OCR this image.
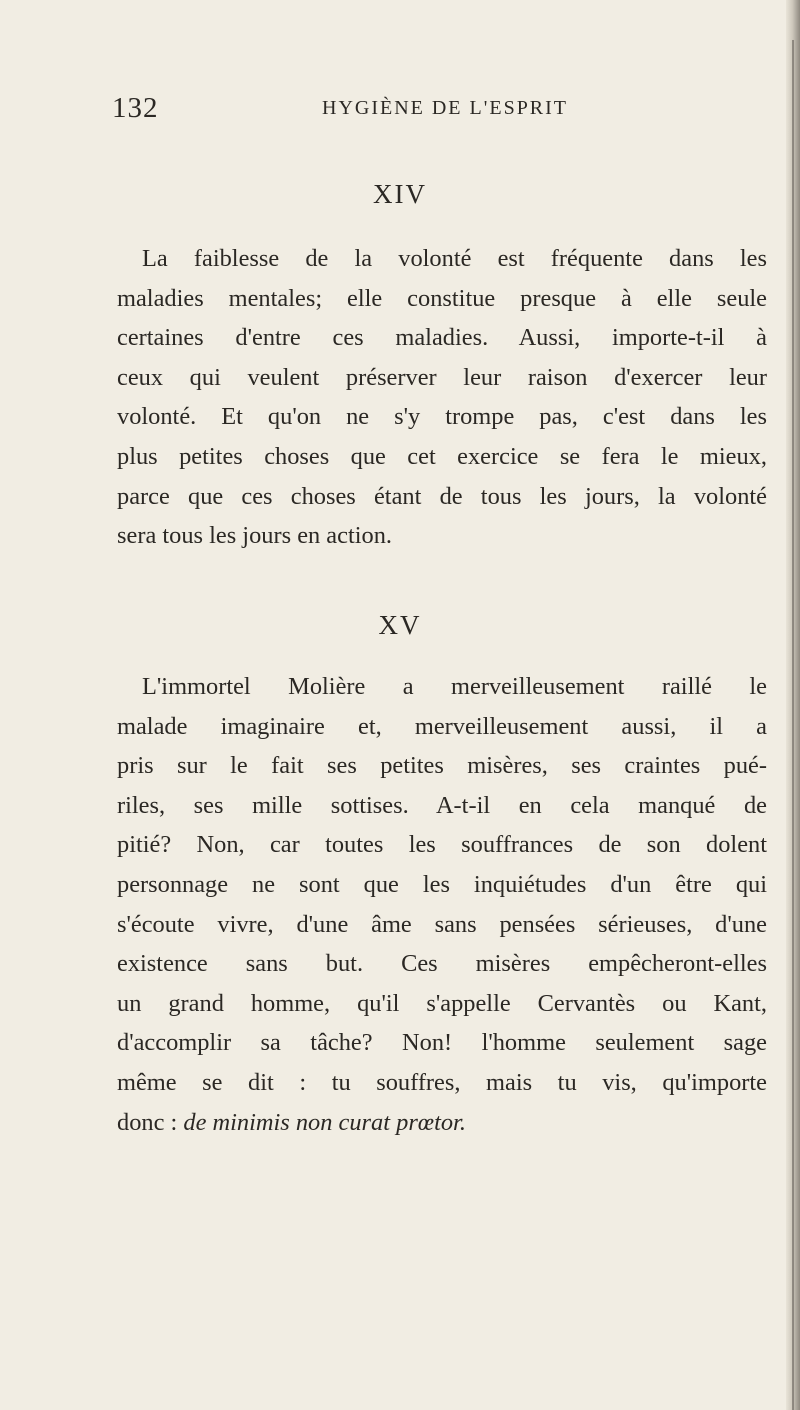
132	HYGIÈNE DE L'ESPRIT
XIV
La faiblesse de la volonté est fréquente dans les
maladies mentales; elle constitue presque à elle seule
certaines d'entre ces maladies. Aussi, importe-t-il à
ceux qui veulent préserver leur raison d'exercer leur
volonté. Et qu'on ne s'y trompe pas, c'est dans les
plus petites choses que cet exercice se fera le mieux,
parce que ces choses étant de tous les jours, la volonté
sera tous les jours en action.
XV
L'immortel Molière a merveilleusement raillé le
malade imaginaire et, merveilleusement aussi, il a
pris sur le fait ses petites misères, ses craintes pué-
riles, ses mille sottises. A-t-il en cela manqué de
pitié? Non, car toutes les souffrances de son dolent
personnage ne sont que les inquiétudes d'un être qui
s'écoute vivre, d'une âme sans pensées sérieuses, d'une
existence sans but. Ces misères empêcheront-elles
un grand homme, qu'il s'appelle Cervantès ou Kant,
d'accomplir sa tâche? Non! l'homme seulement sage
même se dit : tu souffres, mais tu vis, qu'importe
donc : de minimis non curat prœtor.
